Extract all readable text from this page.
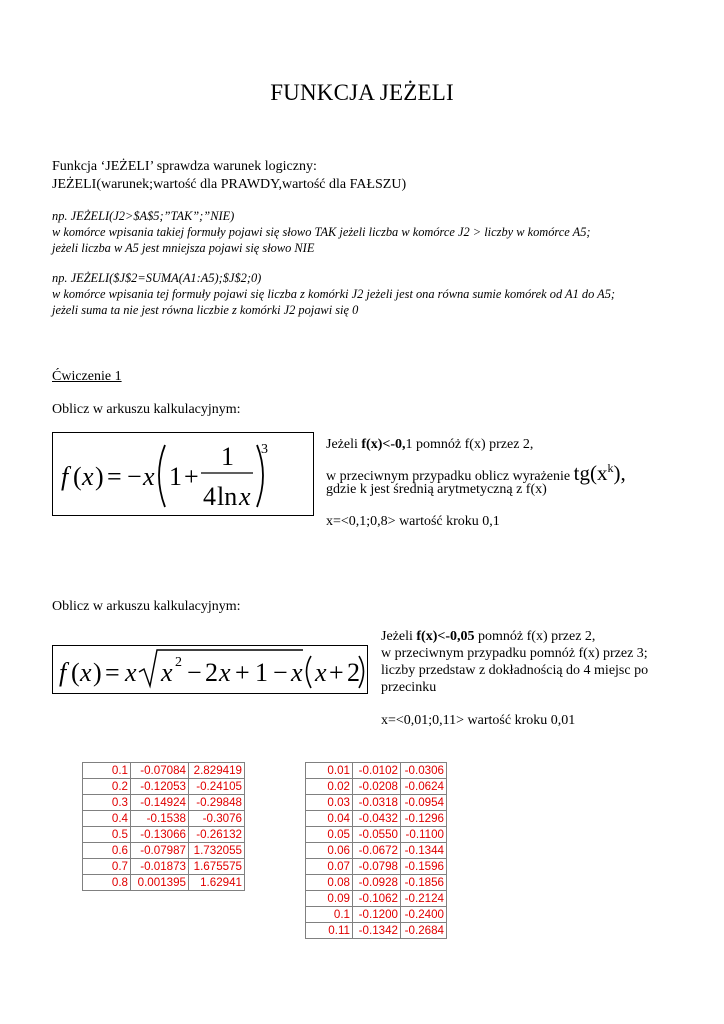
FUNKCJA JEŻELI
Funkcja ‘JEŻELI’ sprawdza warunek logiczny:
JEŻELI(warunek;wartość dla PRAWDY,wartość dla FAŁSZU)
np. JEŻELI(J2>$A$5;”TAK”;”NIE)
w komórce wpisania takiej formuły pojawi się słowo TAK jeżeli liczba w komórce J2 > liczby w komórce A5;
jeżeli liczba w A5 jest mniejsza pojawi się słowo NIE
np. JEŻELI($J$2=SUMA(A1:A5);$J$2;0)
w komórce wpisania tej formuły pojawi się liczba z komórki J2 jeżeli jest ona równa sumie komórek od A1 do A5;
jeżeli suma ta nie jest równa liczbie z komórki J2 pojawi się 0
Ćwiczenie 1
Oblicz w arkuszu kalkulacyjnym:
f ( x ) = − x 1 +
1
4 ln x
3	Jeżeli f(x)<-0,1 pomnóż f(x) przez 2,
w przeciwnym przypadku oblicz wyrażenie $tg(x^k)$,
gdzie k jest średnią arytmetyczną z f(x)
x=<0,1;0,8> wartość kroku 0,1
Oblicz w arkuszu kalkulacyjnym:
f ( x ) = x x 2 − 2 x + 1 − x x + 2
Jeżeli f(x)<-0,05 pomnóż f(x) przez 2,
w przeciwnym przypadku pomnóż f(x) przez 3;
liczby przedstaw z dokładnością do 4 miejsc po
przecinku
x=<0,01;0,11> wartość kroku 0,01
0.1	-0.07084	2.829419
0.2	-0.12053	-0.24105
0.3	-0.14924	-0.29848
0.4	-0.1538	-0.3076
0.5	-0.13066	-0.26132
0.6	-0.07987	1.732055
0.7	-0.01873	1.675575
0.8	0.001395	1.62941
0.01	-0.0102	-0.0306
0.02	-0.0208	-0.0624
0.03	-0.0318	-0.0954
0.04	-0.0432	-0.1296
0.05	-0.0550	-0.1100
0.06	-0.0672	-0.1344
0.07	-0.0798	-0.1596
0.08	-0.0928	-0.1856
0.09	-0.1062	-0.2124
0.1	-0.1200	-0.2400
0.11	-0.1342	-0.2684
